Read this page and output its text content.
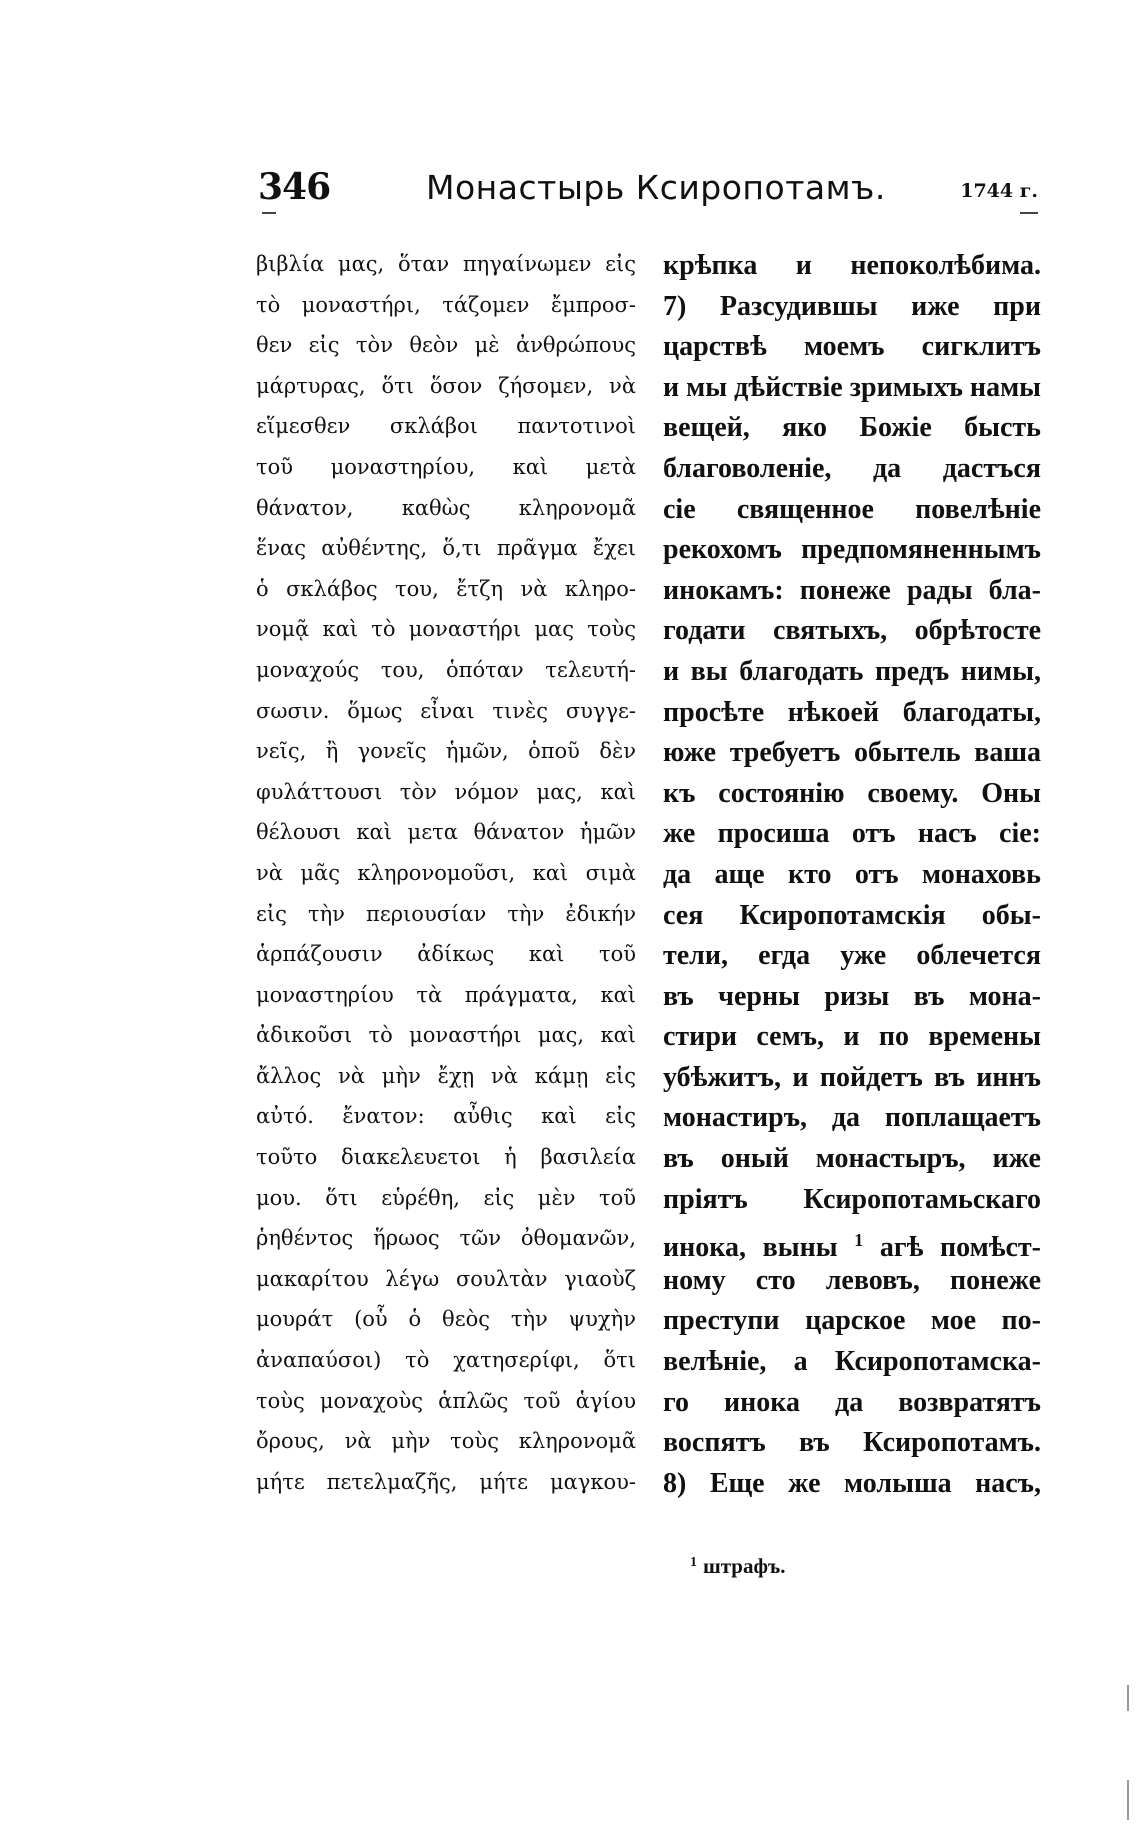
346	Монастырь Ксиропотамъ.	1744 г.
βιβλία μας, ὅταν πηγαίνωμεν εἰς
τὸ μοναστήρι, τάζομεν ἔμπροσ-
θεν εἰς τὸν θεὸν μὲ ἀνθρώπους
μάρτυρας, ὅτι ὅσον ζήσομεν, νὰ
εἵμεσθεν σκλάβοι παντοτινοὶ
τοῦ μοναστηρίου, καὶ μετὰ
θάνατον, καθὼς κληρονομᾶ
ἕνας αὐθέντης, ὅ,τι πρᾶγμα ἔχει
ὁ σκλάβος του, ἔτζη νὰ κληρο-
νομᾷ καὶ τὸ μοναστήρι μας τοὺς
μοναχούς του, ὁπόταν τελευτή-
σωσιν. ὅμως εἶναι τινὲς συγγε-
νεῖς, ἢ γονεῖς ἡμῶν, ὁποῦ δὲν
φυλάττουσι τὸν νόμον μας, καὶ
θέλουσι καὶ μετα θάνατον ἡμῶν
νὰ μᾶς κληρονομοῦσι, καὶ σιμὰ
εἰς τὴν περιουσίαν τὴν ἐδικήν
ἁρπάζουσιν ἀδίκως καὶ τοῦ
μοναστηρίου τὰ πράγματα, καὶ
ἀδικοῦσι τὸ μοναστήρι μας, καὶ
ἄλλος νὰ μὴν ἔχῃ νὰ κάμῃ εἰς
αὐτό. ἔνατον: αὖθις καὶ εἰς
τοῦτο διακελευετοι ἡ βασιλεία
μου. ὅτι εὑρέθη, εἰς μὲν τοῦ
ῥηθέντος ἥρωος τῶν ὀθομανῶν,
μακαρίτου λέγω σουλτὰν γιαοὺζ
μουράτ (οὗ ὁ θεὸς τὴν ψυχὴν
ἀναπαύσοι) τὸ χατησερίφι, ὅτι
τοὺς μοναχοὺς ἁπλῶς τοῦ ἁγίου
ὄρους, νὰ μὴν τοὺς κληρονομᾶ
μήτε πετελμαζῆς, μήτε μαγκου-
крѣпка и непоколѣбима.
7) Разсудившы иже при
царствѣ моемъ сигклитъ
и мы дѣйствіе зримыхъ намы
вещей, яко Божіе бысть
благоволеніе, да дастъся
сіе священное повелѣніе
рекохомъ предпомяненнымъ
инокамъ: понеже рады бла-
годати святыхъ, обрѣтосте
и вы благодать предъ нимы,
просѣте нѣкоей благодаты,
юже требуетъ обытель ваша
къ состоянію своему. Оны
же просиша отъ насъ сіе:
да аще кто отъ монаховь
сея Ксиропотамскія обы-
тели, егда уже облечется
въ черны ризы въ мона-
стири семъ, и по времены
убѣжитъ, и пойдетъ въ иннъ
монастиръ, да поплащаетъ
въ оный монастыръ, иже
пріятъ Ксиропотамьскаго
инока, выны $^1$ агѣ помѣст-
ному сто левовъ, понеже
преступи царское мое по-
велѣніе, а Ксиропотамска-
го инока да возвратятъ
воспятъ въ Ксиропотамъ.
8) Еще же молыша насъ,
$^1$ штрафъ.
